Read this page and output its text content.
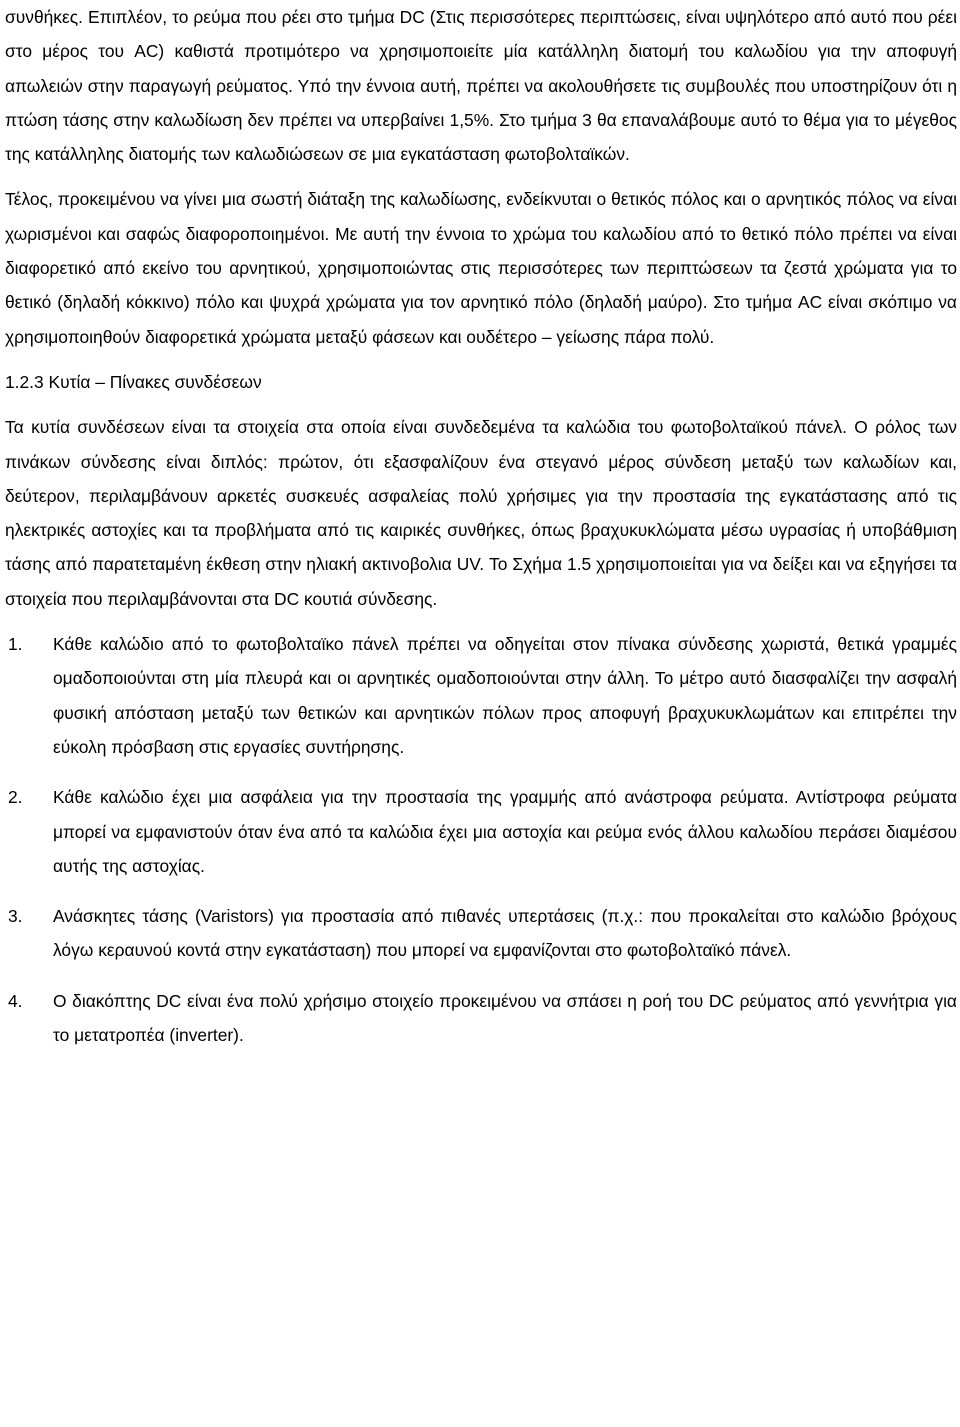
συνθήκες. Επιπλέον, το ρεύμα που ρέει στο τμήμα DC (Στις περισσότερες περιπτώσεις, είναι υψηλότερο από αυτό που ρέει στο μέρος του AC) καθιστά προτιμότερο να χρησιμοποιείτε μία κατάλληλη διατομή του καλωδίου για την αποφυγή απωλειών στην παραγωγή ρεύματος. Υπό την έννοια αυτή, πρέπει να ακολουθήσετε τις συμβουλές που υποστηρίζουν ότι η πτώση τάσης στην καλωδίωση δεν πρέπει να υπερβαίνει 1,5%. Στο τμήμα 3 θα επαναλάβουμε αυτό το θέμα για το μέγεθος της κατάλληλης διατομής των καλωδιώσεων σε μια εγκατάσταση φωτοβολταϊκών.

Τέλος, προκειμένου να γίνει μια σωστή διάταξη της καλωδίωσης, ενδείκνυται ο θετικός πόλος και ο αρνητικός πόλος να είναι χωρισμένοι και σαφώς διαφοροποιημένοι. Με αυτή την έννοια το χρώμα του καλωδίου από το θετικό πόλο πρέπει να είναι διαφορετικό από εκείνο του αρνητικού, χρησιμοποιώντας στις περισσότερες των περιπτώσεων τα ζεστά χρώματα για το θετικό (δηλαδή κόκκινο) πόλο και ψυχρά χρώματα για τον αρνητικό πόλο (δηλαδή μαύρο). Στο τμήμα AC είναι σκόπιμο να χρησιμοποιηθούν διαφορετικά χρώματα μεταξύ φάσεων και ουδέτερο – γείωσης πάρα πολύ.

1.2.3 Κυτία – Πίνακες συνδέσεων

Τα κυτία συνδέσεων είναι τα στοιχεία στα οποία είναι συνδεδεμένα τα καλώδια του φωτοβολταϊκού πάνελ. Ο ρόλος των πινάκων σύνδεσης είναι διπλός: πρώτον, ότι εξασφαλίζουν ένα στεγανό μέρος σύνδεση μεταξύ των καλωδίων και, δεύτερον, περιλαμβάνουν αρκετές συσκευές ασφαλείας πολύ χρήσιμες για την προστασία της εγκατάστασης από τις ηλεκτρικές αστοχίες και τα προβλήματα από τις καιρικές συνθήκες, όπως βραχυκυκλώματα μέσω υγρασίας ή υποβάθμιση τάσης από παρατεταμένη έκθεση στην ηλιακή ακτινοβολια UV. Το Σχήμα 1.5 χρησιμοποιείται για να δείξει και να εξηγήσει τα στοιχεία που περιλαμβάνονται στα DC κουτιά σύνδεσης.

1. Κάθε καλώδιο από το φωτοβολταϊκο πάνελ πρέπει να οδηγείται στον πίνακα σύνδεσης χωριστά, θετικά γραμμές ομαδοποιούνται στη μία πλευρά και οι αρνητικές ομαδοποιούνται στην άλλη. Το μέτρο αυτό διασφαλίζει την ασφαλή φυσική απόσταση μεταξύ των θετικών και αρνητικών πόλων προς αποφυγή βραχυκυκλωμάτων και επιτρέπει την εύκολη πρόσβαση στις εργασίες συντήρησης.
2. Κάθε καλώδιο έχει μια ασφάλεια για την προστασία της γραμμής από ανάστροφα ρεύματα. Αντίστροφα ρεύματα μπορεί να εμφανιστούν όταν ένα από τα καλώδια έχει μια αστοχία και ρεύμα ενός άλλου καλωδίου περάσει διαμέσου αυτής της αστοχίας.
3. Ανάσκητες τάσης (Varistors) για προστασία από πιθανές υπερτάσεις (π.χ.: που προκαλείται στο καλώδιο βρόχους λόγω κεραυνού κοντά στην εγκατάσταση) που μπορεί να εμφανίζονται στο φωτοβολταϊκό πάνελ.
4. Ο διακόπτης DC είναι ένα πολύ χρήσιμο στοιχείο προκειμένου να σπάσει η ροή του DC ρεύματος από γεννήτρια για το μετατροπέα (inverter).
